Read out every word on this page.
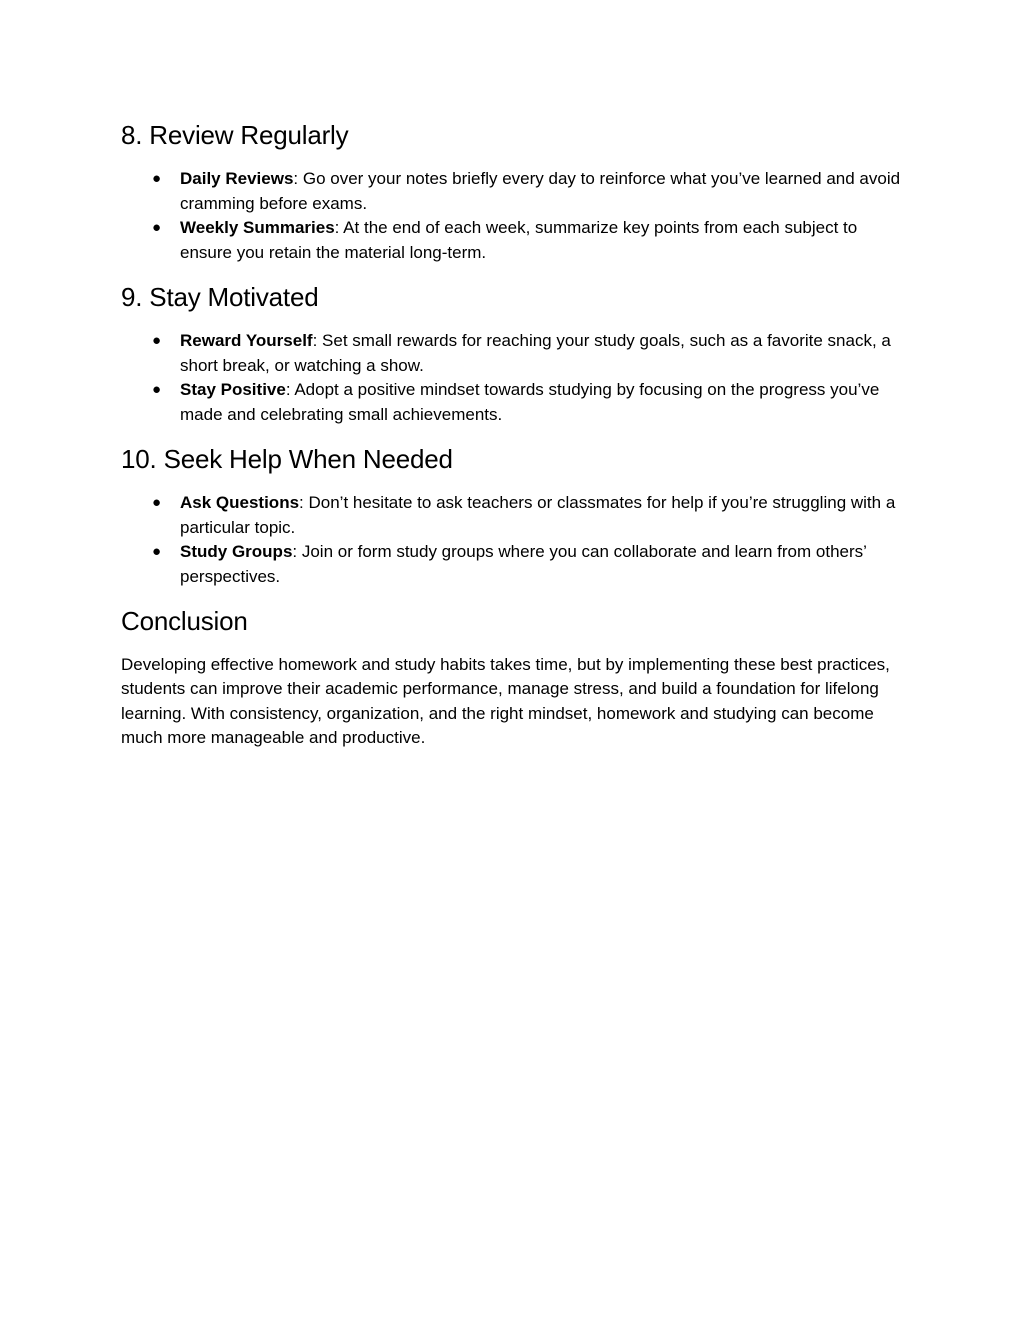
8. Review Regularly
● Daily Reviews: Go over your notes briefly every day to reinforce what you’ve learned and avoid cramming before exams.
● Weekly Summaries: At the end of each week, summarize key points from each subject to ensure you retain the material long-term.
9. Stay Motivated
● Reward Yourself: Set small rewards for reaching your study goals, such as a favorite snack, a short break, or watching a show.
● Stay Positive: Adopt a positive mindset towards studying by focusing on the progress you’ve made and celebrating small achievements.
10. Seek Help When Needed
● Ask Questions: Don’t hesitate to ask teachers or classmates for help if you’re struggling with a particular topic.
● Study Groups: Join or form study groups where you can collaborate and learn from others’ perspectives.
Conclusion

Developing effective homework and study habits takes time, but by implementing these best practices, students can improve their academic performance, manage stress, and build a foundation for lifelong learning. With consistency, organization, and the right mindset, homework and studying can become much more manageable and productive.
